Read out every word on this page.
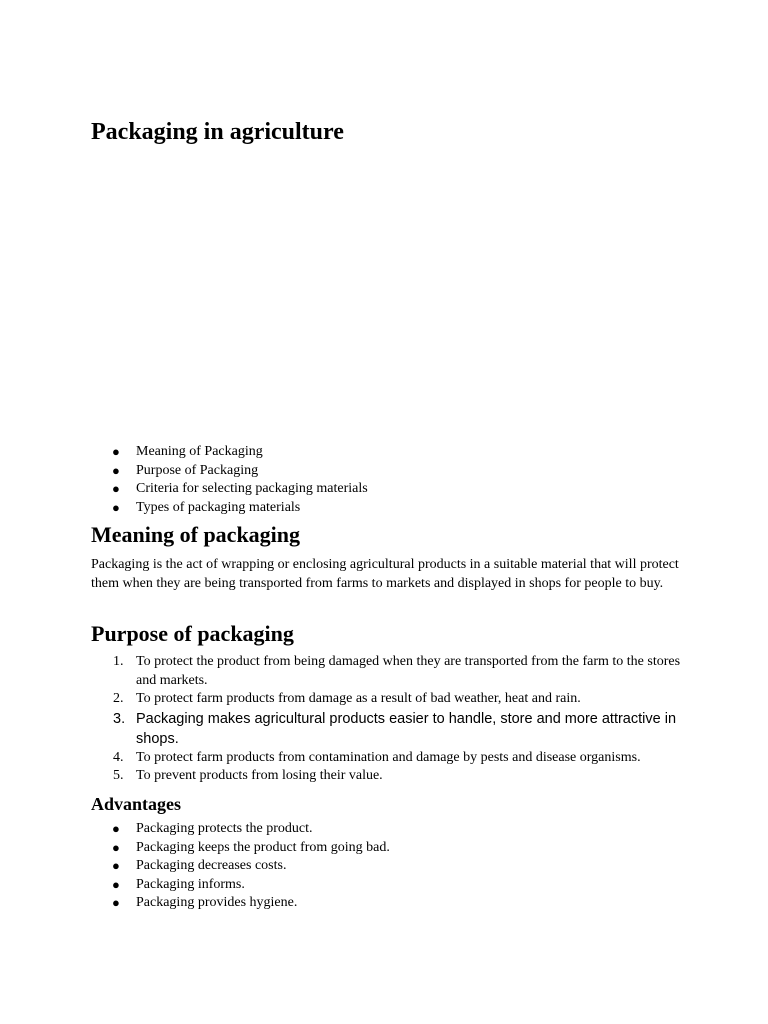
Packaging in agriculture
● Meaning of Packaging
● Purpose of Packaging
● Criteria for selecting packaging materials
● Types of packaging materials
Meaning of packaging

Packaging is the act of wrapping or enclosing agricultural products in a suitable material that will protect them when they are being transported from farms to markets and displayed in shops for people to buy.

Purpose of packaging
1. To protect the product from being damaged when they are transported from the farm to the stores and markets.
2. To protect farm products from damage as a result of bad weather, heat and rain.
3. Packaging makes agricultural products easier to handle, store and more attractive in shops.
4. To protect farm products from contamination and damage by pests and disease organisms.
5. To prevent products from losing their value.
Advantages
● Packaging protects the product.
● Packaging keeps the product from going bad.
● Packaging decreases costs.
● Packaging informs.
● Packaging provides hygiene.
